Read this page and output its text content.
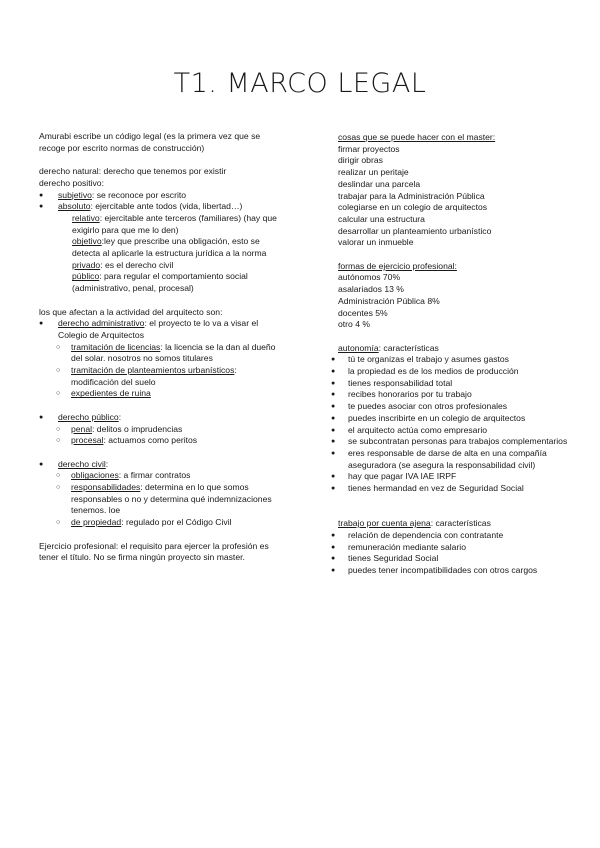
T1. MARCO LEGAL

Amurabi escribe un código legal (es la primera vez que se recoge por escrito normas de construcción)

derecho natural: derecho que tenemos por existir

derecho positivo:

● subjetivo: se reconoce por escrito
● absoluto: ejercitable ante todos (vida, libertad…)

relativo: ejercitable ante terceros (familiares) (hay que exigirlo para que me lo den)

objetivo:ley que prescribe una obligación, esto se detecta al aplicarle la estructura jurídica a la norma

privado: es el derecho civil

público: para regular el comportamiento social (administrativo, penal, procesal)

los que afectan a la actividad del arquitecto son:

● derecho administrativo: el proyecto te lo va a visar el Colegio de Arquitectos
○ tramitación de licencias: la licencia se la dan al dueño del solar. nosotros no somos titulares
○ tramitación de planteamientos urbanísticos: modificación del suelo
○ expedientes de ruina
● derecho público:
○ penal: delitos o imprudencias
○ procesal: actuamos como peritos
● derecho civil:
○ obligaciones: a firmar contratos
○ responsabilidades: determina en lo que somos responsables o no y determina qué indemnizaciones tenemos. loe
○ de propiedad: regulado por el Código Civil

Ejercicio profesional: el requisito para ejercer la profesión es tener el título. No se firma ningún proyecto sin master.

cosas que se puede hacer con el master:

firmar proyectos

dirigir obras

realizar un peritaje

deslindar una parcela

trabajar para la Administración Pública

colegiarse en un colegio de arquitectos

calcular una estructura

desarrollar un planteamiento urbanístico

valorar un inmueble

formas de ejercicio profesional:

autónomos 70%

asalariados 13 %

Administración Pública 8%

docentes 5%

otro 4 %

autonomía: características

● tú te organizas el trabajo y asumes gastos
● la propiedad es de los medios de producción
● tienes responsabilidad total
● recibes honorarios por tu trabajo
● te puedes asociar con otros profesionales
● puedes inscribirte en un colegio de arquitectos
● el arquitecto actúa como empresario
● se subcontratan personas para trabajos complementarios
● eres responsable de darse de alta en una compañía aseguradora (se asegura la responsabilidad civil)
● hay que pagar IVA IAE IRPF
● tienes hermandad en vez de Seguridad Social

trabajo por cuenta ajena: características

● relación de dependencia con contratante
● remuneración mediante salario
● tienes Seguridad Social
● puedes tener incompatibilidades con otros cargos
